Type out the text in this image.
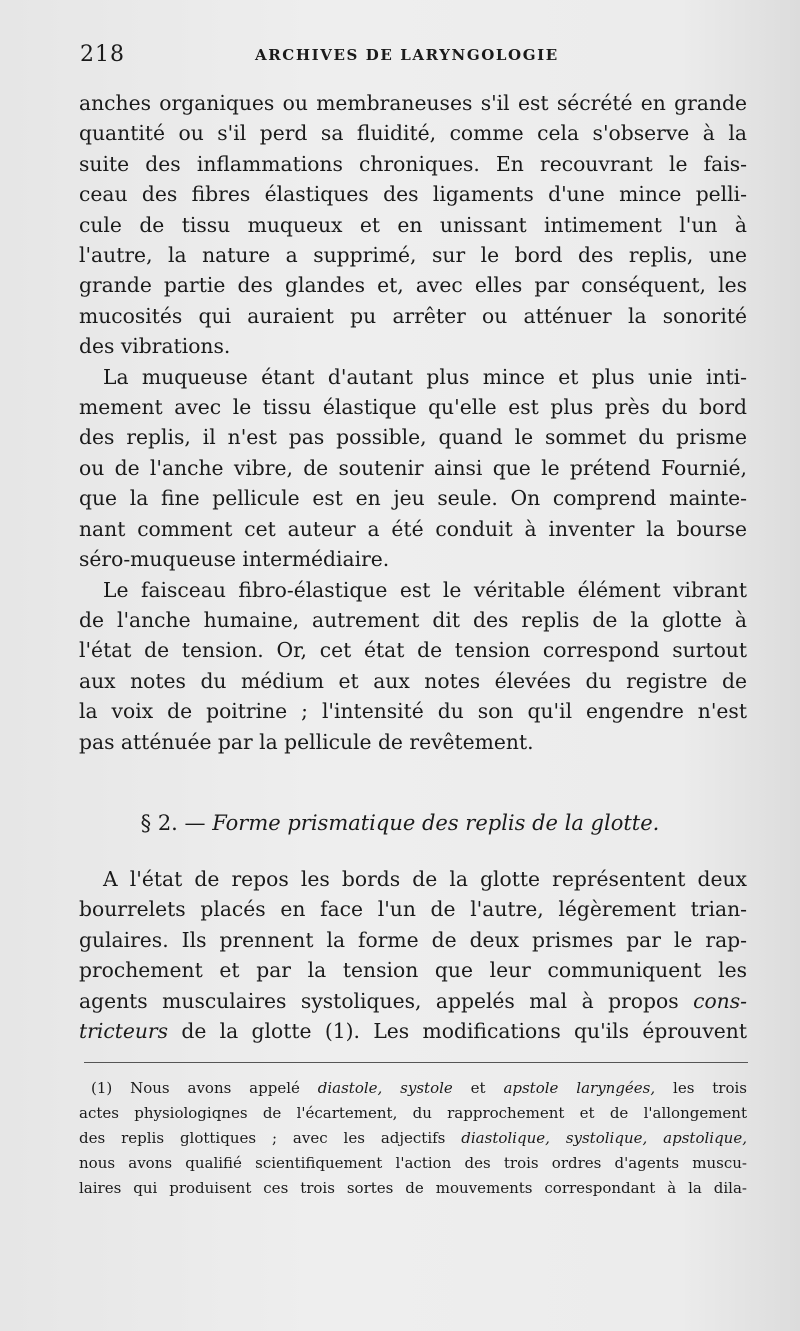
218	ARCHIVES DE LARYNGOLOGIE

anches organiques ou membraneuses s'il est sécrété en grande
quantité ou s'il perd sa fluidité, comme cela s'observe à la
suite des inflammations chroniques. En recouvrant le fais-
ceau des fibres élastiques des ligaments d'une mince pelli-
cule de tissu muqueux et en unissant intimement l'un à
l'autre, la nature a supprimé, sur le bord des replis, une
grande partie des glandes et, avec elles par conséquent, les
mucosités qui auraient pu arrêter ou atténuer la sonorité
des vibrations.

La muqueuse étant d'autant plus mince et plus unie inti-
mement avec le tissu élastique qu'elle est plus près du bord
des replis, il n'est pas possible, quand le sommet du prisme
ou de l'anche vibre, de soutenir ainsi que le prétend Fournié,
que la fine pellicule est en jeu seule. On comprend mainte-
nant comment cet auteur a été conduit à inventer la bourse
séro-muqueuse intermédiaire.

Le faisceau fibro-élastique est le véritable élément vibrant
de l'anche humaine, autrement dit des replis de la glotte à
l'état de tension. Or, cet état de tension correspond surtout
aux notes du médium et aux notes élevées du registre de
la voix de poitrine ; l'intensité du son qu'il engendre n'est
pas atténuée par la pellicule de revêtement.

§ 2. — Forme prismatique des replis de la glotte.
A l'état de repos les bords de la glotte représentent deux
bourrelets placés en face l'un de l'autre, légèrement trian-
gulaires. Ils prennent la forme de deux prismes par le rap-
prochement et par la tension que leur communiquent les
agents musculaires systoliques, appelés mal à propos cons-
tricteurs de la glotte (1). Les modifications qu'ils éprouvent
(1) Nous avons appelé diastole, systole et apstole laryngées, les trois
actes physiologiqnes de l'écartement, du rapprochement et de l'allongement
des replis glottiques ; avec les adjectifs diastolique, systolique, apstolique,
nous avons qualifié scientifiquement l'action des trois ordres d'agents muscu-
laires qui produisent ces trois sortes de mouvements correspondant à la dila-
